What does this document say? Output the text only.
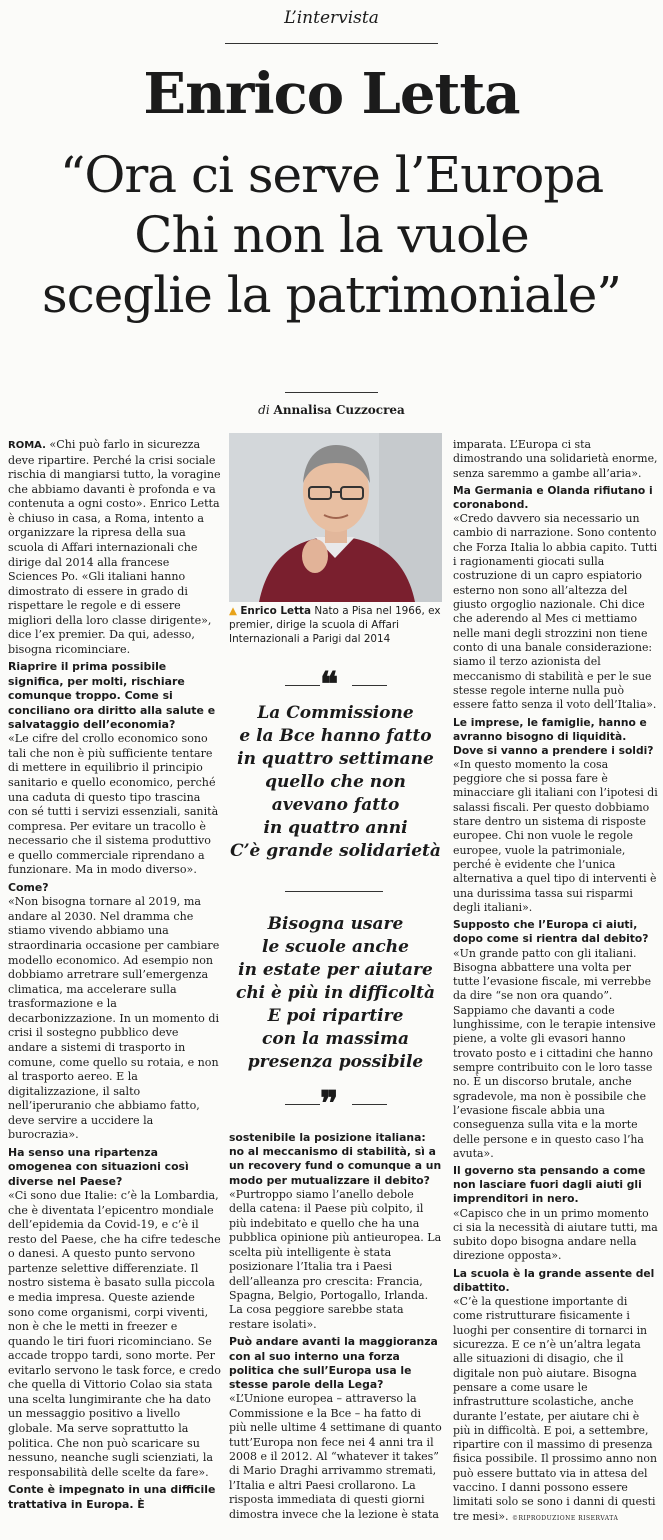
L’intervista
Enrico Letta
“Ora ci serve l’Europa
Chi non la vuole
sceglie la patrimoniale”
di Annalisa Cuzzocrea

ROMA. «Chi può farlo in sicurezza deve ripartire. Perché la crisi sociale rischia di mangiarsi tutto, la voragine che abbiamo davanti è profonda e va contenuta a ogni costo». Enrico Letta è chiuso in casa, a Roma, intento a organizzare la ripresa della sua scuola di Affari internazionali che dirige dal 2014 alla francese Sciences Po. «Gli italiani hanno dimostrato di essere in grado di rispettare le regole e di essere migliori della loro classe dirigente», dice l’ex premier. Da qui, adesso, bisogna ricominciare.

Riaprire il prima possibile significa, per molti, rischiare comunque troppo. Come si conciliano ora diritto alla salute e salvataggio dell’economia?

«Le cifre del crollo economico sono tali che non è più sufficiente tentare di mettere in equilibrio il principio sanitario e quello economico, perché una caduta di questo tipo trascina con sé tutti i servizi essenziali, sanità compresa. Per evitare un tracollo è necessario che il sistema produttivo e quello commerciale riprendano a funzionare. Ma in modo diverso».

Come?

«Non bisogna tornare al 2019, ma andare al 2030. Nel dramma che stiamo vivendo abbiamo una straordinaria occasione per cambiare modello economico. Ad esempio non dobbiamo arretrare sull’emergenza climatica, ma accelerare sulla trasformazione e la decarbonizzazione. In un momento di crisi il sostegno pubblico deve andare a sistemi di trasporto in comune, come quello su rotaia, e non al trasporto aereo. E la digitalizzazione, il salto nell’iperuranio che abbiamo fatto, deve servire a uccidere la burocrazia».

Ha senso una ripartenza omogenea con situazioni così diverse nel Paese?

«Ci sono due Italie: c’è la Lombardia, che è diventata l’epicentro mondiale dell’epidemia da Covid-19, e c’è il resto del Paese, che ha cifre tedesche o danesi. A questo punto servono partenze selettive differenziate. Il nostro sistema è basato sulla piccola e media impresa. Queste aziende sono come organismi, corpi viventi, non è che le metti in freezer e quando le tiri fuori ricominciano. Se accade troppo tardi, sono morte. Per evitarlo servono le task force, e credo che quella di Vittorio Colao sia stata una scelta lungimirante che ha dato un messaggio positivo a livello globale. Ma serve soprattutto la politica. Che non può scaricare su nessuno, neanche sugli scienziati, la responsabilità delle scelte da fare».

Conte è impegnato in una difficile trattativa in Europa. È

▲ Enrico Letta Nato a Pisa nel 1966, ex premier, dirige la scuola di Affari Internazionali a Parigi dal 2014
❝
La Commissione
e la Bce hanno fatto
in quattro settimane
quello che non
avevano fatto
in quattro anni
C’è grande solidarietà
Bisogna usare
le scuole anche
in estate per aiutare
chi è più in difficoltà
E poi ripartire
con la massima
presenza possibile
❞

sostenibile la posizione italiana: no al meccanismo di stabilità, sì a un recovery fund o comunque a un modo per mutualizzare il debito?

«Purtroppo siamo l’anello debole della catena: il Paese più colpito, il più indebitato e quello che ha una pubblica opinione più antieuropea. La scelta più intelligente è stata posizionare l’Italia tra i Paesi dell’alleanza pro crescita: Francia, Spagna, Belgio, Portogallo, Irlanda. La cosa peggiore sarebbe stata restare isolati».

Può andare avanti la maggioranza con al suo interno una forza politica che sull’Europa usa le stesse parole della Lega?

«L’Unione europea – attraverso la Commissione e la Bce – ha fatto di più nelle ultime 4 settimane di quanto tutt’Europa non fece nei 4 anni tra il 2008 e il 2012. Al “whatever it takes” di Mario Draghi arrivammo stremati, l’Italia e altri Paesi crollarono. La risposta immediata di questi giorni dimostra invece che la lezione è stata

imparata. L’Europa ci sta dimostrando una solidarietà enorme, senza saremmo a gambe all’aria».

Ma Germania e Olanda rifiutano i coronabond.

«Credo davvero sia necessario un cambio di narrazione. Sono contento che Forza Italia lo abbia capito. Tutti i ragionamenti giocati sulla costruzione di un capro espiatorio esterno non sono all’altezza del giusto orgoglio nazionale. Chi dice che aderendo al Mes ci mettiamo nelle mani degli strozzini non tiene conto di una banale considerazione: siamo il terzo azionista del meccanismo di stabilità e per le sue stesse regole interne nulla può essere fatto senza il voto dell’Italia».

Le imprese, le famiglie, hanno e avranno bisogno di liquidità. Dove si vanno a prendere i soldi?

«In questo momento la cosa peggiore che si possa fare è minacciare gli italiani con l’ipotesi di salassi fiscali. Per questo dobbiamo stare dentro un sistema di risposte europee. Chi non vuole le regole europee, vuole la patrimoniale, perché è evidente che l’unica alternativa a quel tipo di interventi è una durissima tassa sui risparmi degli italiani».

Supposto che l’Europa ci aiuti, dopo come si rientra dal debito?

«Un grande patto con gli italiani. Bisogna abbattere una volta per tutte l’evasione fiscale, mi verrebbe da dire “se non ora quando”. Sappiamo che davanti a code lunghissime, con le terapie intensive piene, a volte gli evasori hanno trovato posto e i cittadini che hanno sempre contribuito con le loro tasse no. È un discorso brutale, anche sgradevole, ma non è possibile che l’evasione fiscale abbia una conseguenza sulla vita e la morte delle persone e in questo caso l’ha avuta».

Il governo sta pensando a come non lasciare fuori dagli aiuti gli imprenditori in nero.

«Capisco che in un primo momento ci sia la necessità di aiutare tutti, ma subito dopo bisogna andare nella direzione opposta».

La scuola è la grande assente del dibattito.

«C’è la questione importante di come ristrutturare fisicamente i luoghi per consentire di tornarci in sicurezza. E ce n’è un’altra legata alle situazioni di disagio, che il digitale non può aiutare. Bisogna pensare a come usare le infrastrutture scolastiche, anche durante l’estate, per aiutare chi è più in difficoltà. E poi, a settembre, ripartire con il massimo di presenza fisica possibile. Il prossimo anno non può essere buttato via in attesa del vaccino. I danni possono essere limitati solo se sono i danni di questi tre mesi». ©RIPRODUZIONE RISERVATA
